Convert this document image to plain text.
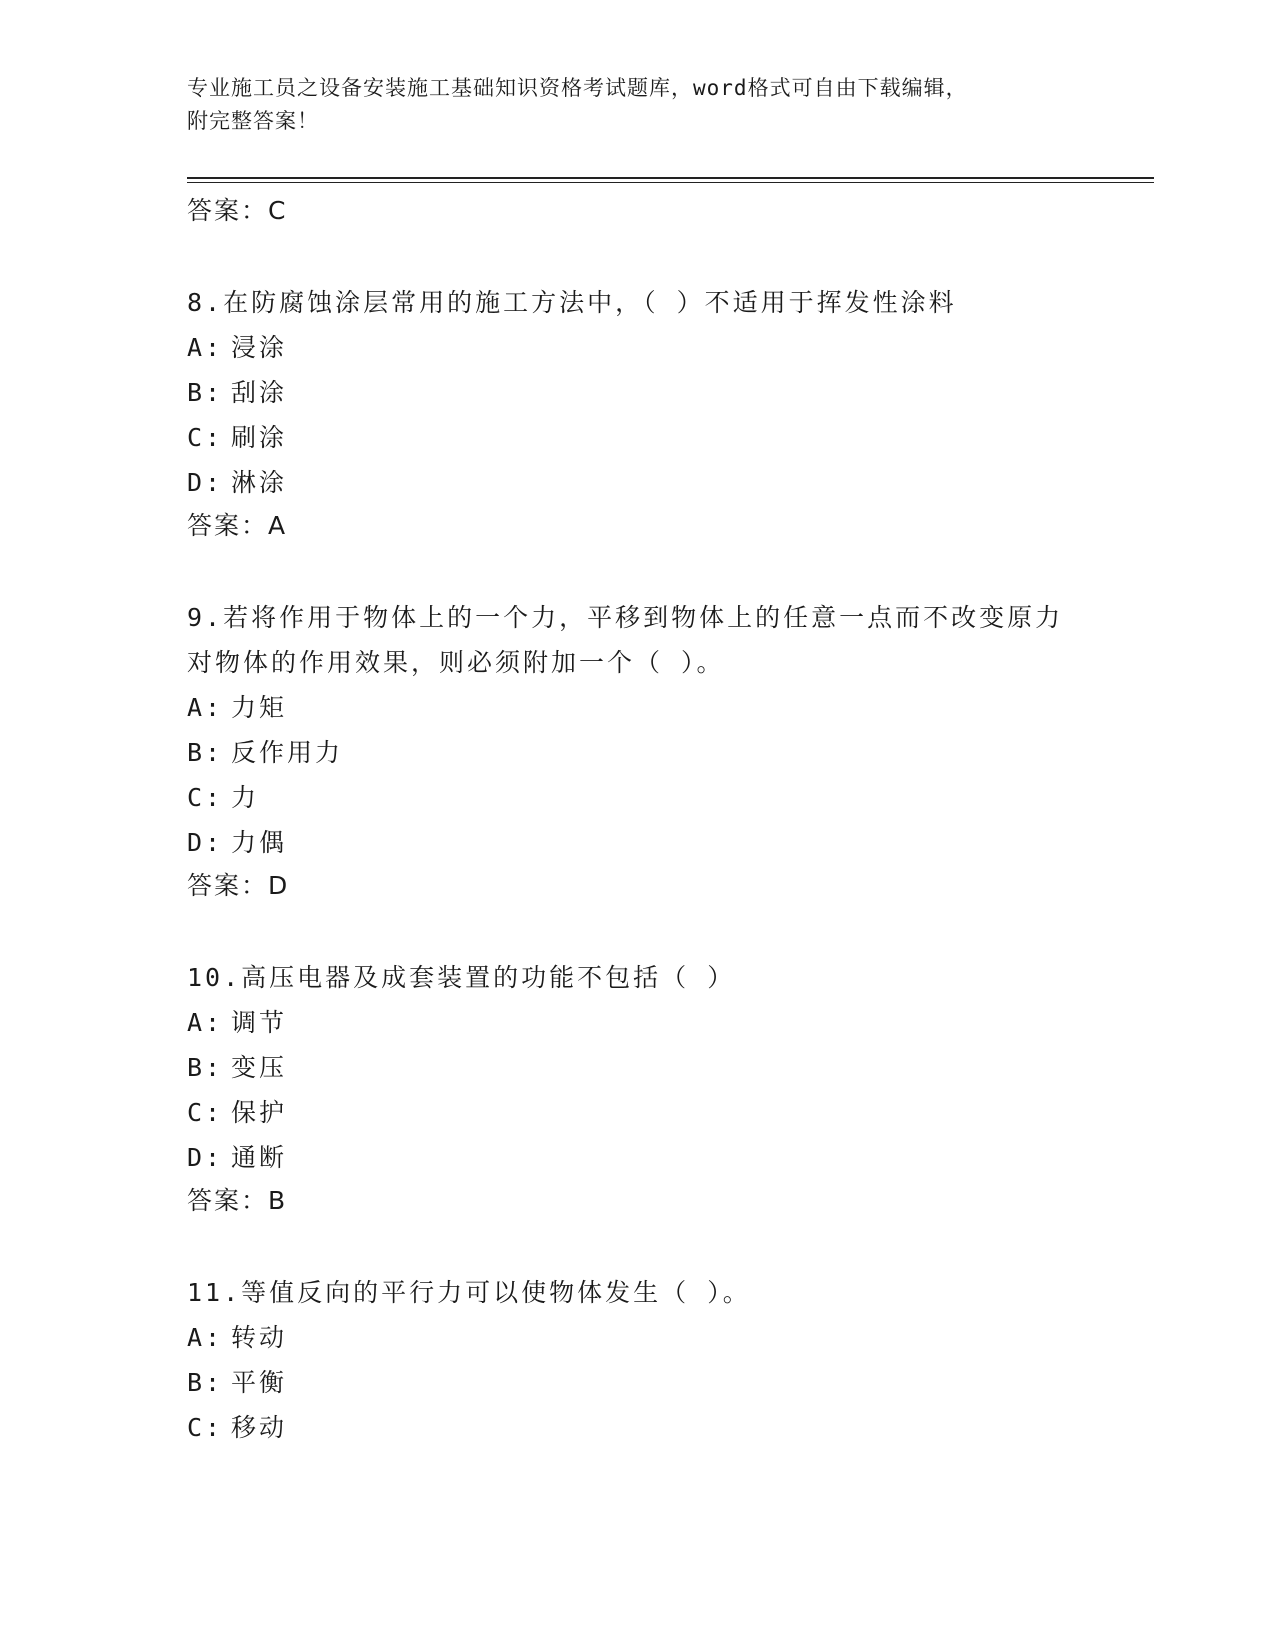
专业施工员之设备安装施工基础知识资格考试题库，word格式可自由下载编辑，
附完整答案！
答案：C
8.在防腐蚀涂层常用的施工方法中，（ ）不适用于挥发性涂料
A: 浸涂
B: 刮涂
C: 刷涂
D: 淋涂
答案：A
9.若将作用于物体上的一个力，平移到物体上的任意一点而不改变原力对物体的作用效果，则必须附加一个（ ）。
A: 力矩
B: 反作用力
C: 力
D: 力偶
答案：D
10.高压电器及成套装置的功能不包括（ ）
A: 调节
B: 变压
C: 保护
D: 通断
答案：B
11.等值反向的平行力可以使物体发生（ ）。
A: 转动
B: 平衡
C: 移动
